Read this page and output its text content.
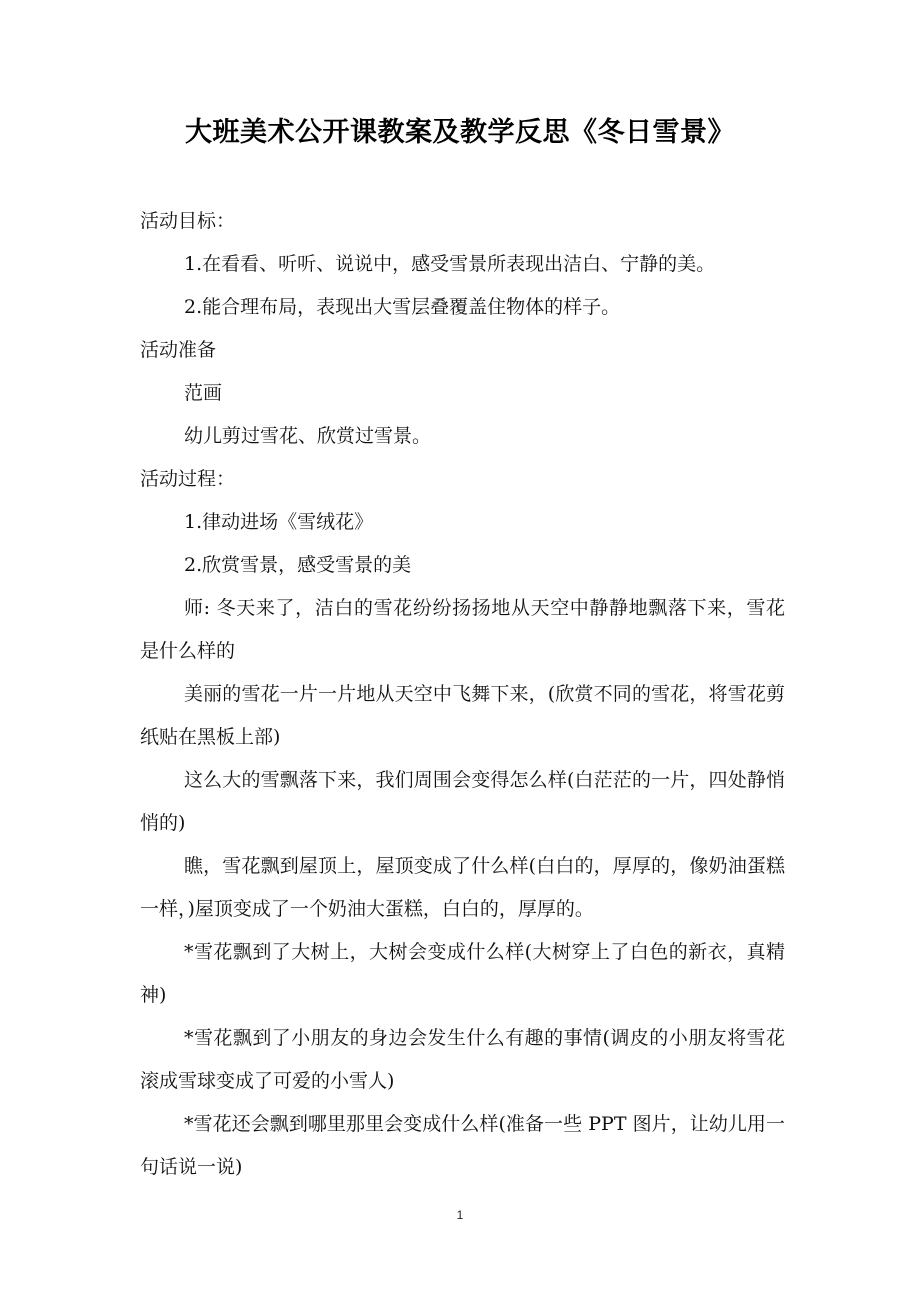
大班美术公开课教案及教学反思《冬日雪景》

活动目标：

1.在看看、听听、说说中，感受雪景所表现出洁白、宁静的美。

2.能合理布局，表现出大雪层叠覆盖住物体的样子。

活动准备

范画

幼儿剪过雪花、欣赏过雪景。

活动过程：

1.律动进场《雪绒花》

2.欣赏雪景，感受雪景的美

师: 冬天来了，洁白的雪花纷纷扬扬地从天空中静静地飘落下来，雪花是什么样的

美丽的雪花一片一片地从天空中飞舞下来，(欣赏不同的雪花，将雪花剪纸贴在黑板上部)

这么大的雪飘落下来，我们周围会变得怎么样(白茫茫的一片，四处静悄悄的)

瞧，雪花飘到屋顶上，屋顶变成了什么样(白白的，厚厚的，像奶油蛋糕一样，)屋顶变成了一个奶油大蛋糕，白白的，厚厚的。

*雪花飘到了大树上，大树会变成什么样(大树穿上了白色的新衣，真精神)

*雪花飘到了小朋友的身边会发生什么有趣的事情(调皮的小朋友将雪花滚成雪球变成了可爱的小雪人)

*雪花还会飘到哪里那里会变成什么样(准备一些 PPT 图片，让幼儿用一句话说一说)

1
